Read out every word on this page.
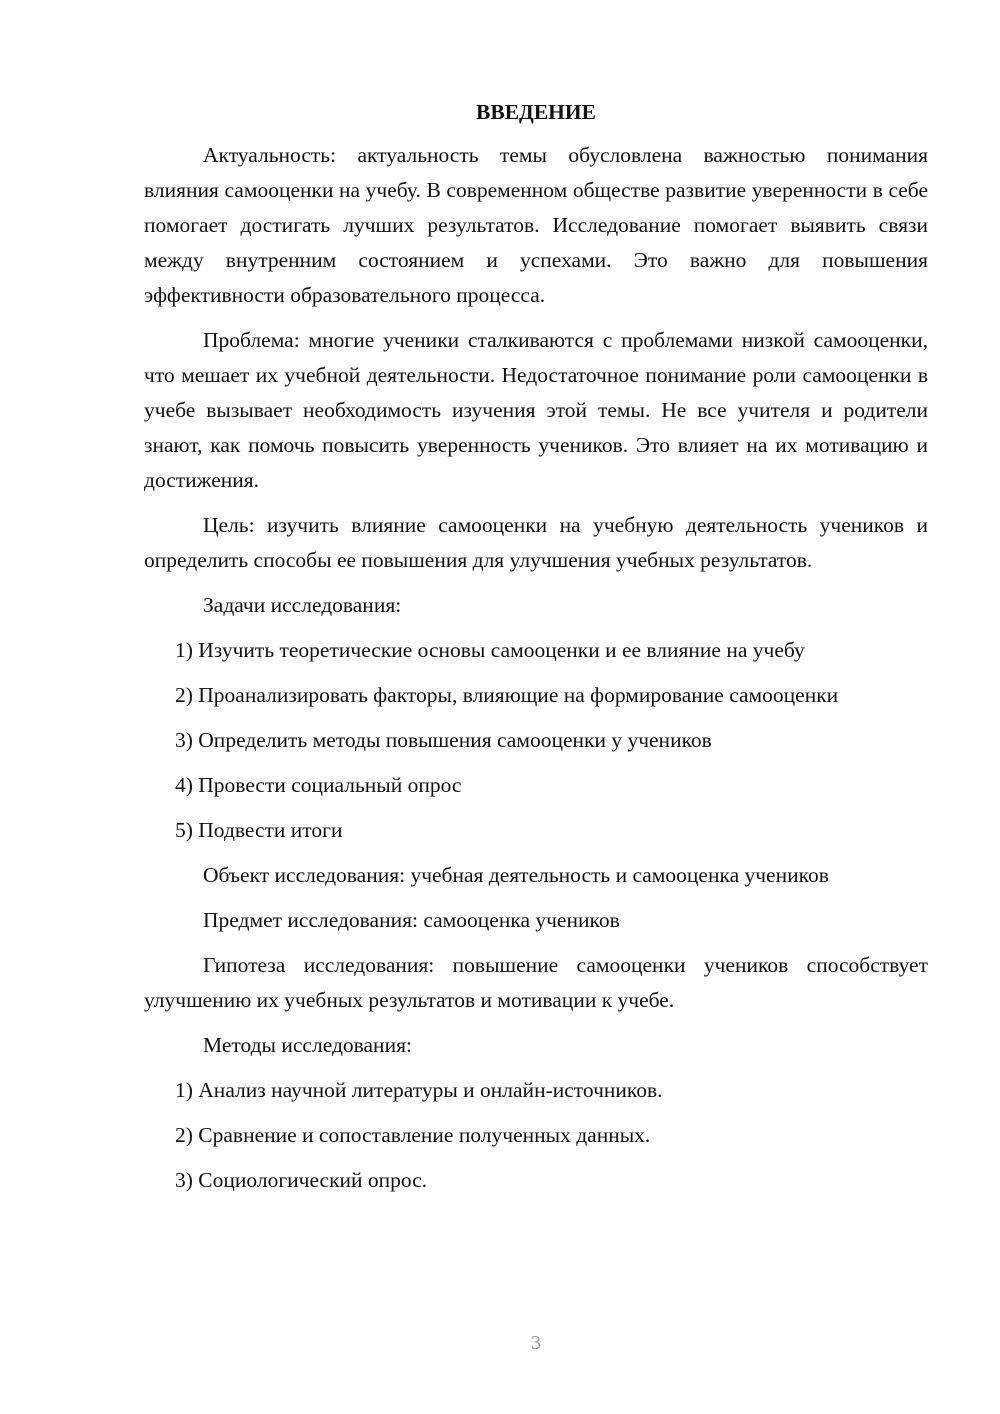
ВВЕДЕНИЕ

Актуальность: актуальность темы обусловлена важностью понимания влияния самооценки на учебу. В современном обществе развитие уверенности в себе помогает достигать лучших результатов. Исследование помогает выявить связи между внутренним состоянием и успехами. Это важно для повышения эффективности образовательного процесса.

Проблема: многие ученики сталкиваются с проблемами низкой самооценки, что мешает их учебной деятельности. Недостаточное понимание роли самооценки в учебе вызывает необходимость изучения этой темы. Не все учителя и родители знают, как помочь повысить уверенность учеников. Это влияет на их мотивацию и достижения.

Цель: изучить влияние самооценки на учебную деятельность учеников и определить способы ее повышения для улучшения учебных результатов.

Задачи исследования:

1) Изучить теоретические основы самооценки и ее влияние на учебу

2) Проанализировать факторы, влияющие на формирование самооценки

3) Определить методы повышения самооценки у учеников

4) Провести социальный опрос

5) Подвести итоги

Объект исследования: учебная деятельность и самооценка учеников

Предмет исследования: самооценка учеников

Гипотеза исследования: повышение самооценки учеников способствует улучшению их учебных результатов и мотивации к учебе.

Методы исследования:

1) Анализ научной литературы и онлайн-источников.

2) Сравнение и сопоставление полученных данных.

3) Социологический опрос.

3
